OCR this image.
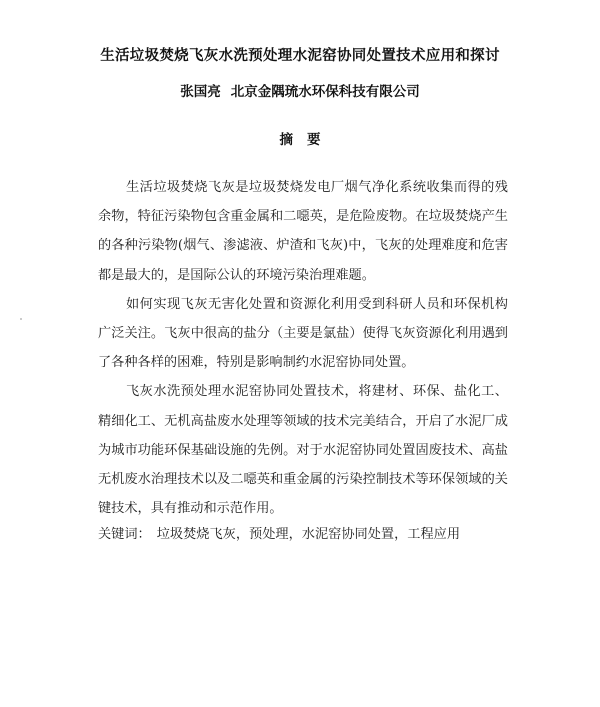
生活垃圾焚烧飞灰水洗预处理水泥窑协同处置技术应用和探讨
张国亮 北京金隅琉水环保科技有限公司
摘要

生活垃圾焚烧飞灰是垃圾焚烧发电厂烟气净化系统收集而得的残余物，特征污染物包含重金属和二噁英，是危险废物。在垃圾焚烧产生的各种污染物(烟气、渗滤液、炉渣和飞灰)中，飞灰的处理难度和危害都是最大的，是国际公认的环境污染治理难题。

如何实现飞灰无害化处置和资源化利用受到科研人员和环保机构广泛关注。飞灰中很高的盐分（主要是氯盐）使得飞灰资源化利用遇到了各种各样的困难，特别是影响制约水泥窑协同处置。

飞灰水洗预处理水泥窑协同处置技术，将建材、环保、盐化工、精细化工、无机高盐废水处理等领域的技术完美结合，开启了水泥厂成为城市功能环保基础设施的先例。对于水泥窑协同处置固废技术、高盐无机废水治理技术以及二噁英和重金属的污染控制技术等环保领域的关键技术，具有推动和示范作用。

关键词： 垃圾焚烧飞灰，预处理，水泥窑协同处置，工程应用
